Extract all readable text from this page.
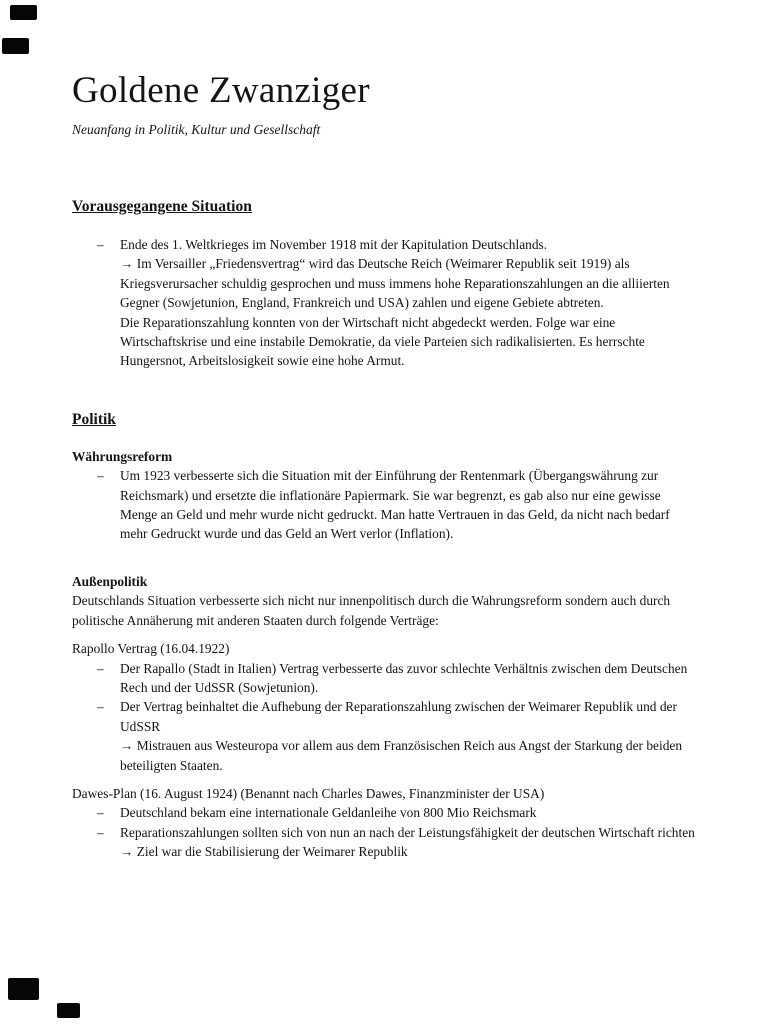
Goldene Zwanziger
Neuanfang in Politik, Kultur und Gesellschaft
Vorausgegangene Situation
–	Ende des 1. Weltkrieges im November 1918 mit der Kapitulation Deutschlands.
→ Im Versailler „Friedensvertrag“ wird das Deutsche Reich (Weimarer Republik seit 1919) als Kriegsverursacher schuldig gesprochen und muss immens hohe Reparationszahlungen an die alliierten Gegner (Sowjetunion, England, Frankreich und USA) zahlen und eigene Gebiete abtreten.
Die Reparationszahlung konnten von der Wirtschaft nicht abgedeckt werden. Folge war eine Wirtschaftskrise und eine instabile Demokratie, da viele Parteien sich radikalisierten. Es herrschte Hungersnot, Arbeitslosigkeit sowie eine hohe Armut.
Politik
Währungsreform
–	Um 1923 verbesserte sich die Situation mit der Einführung der Rentenmark (Übergangswährung zur Reichsmark) und ersetzte die inflationäre Papiermark. Sie war begrenzt, es gab also nur eine gewisse Menge an Geld und mehr wurde nicht gedruckt. Man hatte Vertrauen in das Geld, da nicht nach bedarf mehr Gedruckt wurde und das Geld an Wert verlor (Inflation).
Außenpolitik
Deutschlands Situation verbesserte sich nicht nur innenpolitisch durch die Wahrungsreform sondern auch durch politische Annäherung mit anderen Staaten durch folgende Verträge:
Rapollo Vertrag (16.04.1922)
–	Der Rapallo (Stadt in Italien) Vertrag verbesserte das zuvor schlechte Verhältnis zwischen dem Deutschen Rech und der UdSSR (Sowjetunion).
–	Der Vertrag beinhaltet die Aufhebung der Reparationszahlung zwischen der Weimarer Republik und der UdSSR
→ Mistrauen aus Westeuropa vor allem aus dem Französischen Reich aus Angst der Starkung der beiden beteiligten Staaten.
Dawes-Plan (16. August 1924) (Benannt nach Charles Dawes, Finanzminister der USA)
–	Deutschland bekam eine internationale Geldanleihe von 800 Mio Reichsmark
–	Reparationszahlungen sollten sich von nun an nach der Leistungsfähigkeit der deutschen Wirtschaft richten
→ Ziel war die Stabilisierung der Weimarer Republik
